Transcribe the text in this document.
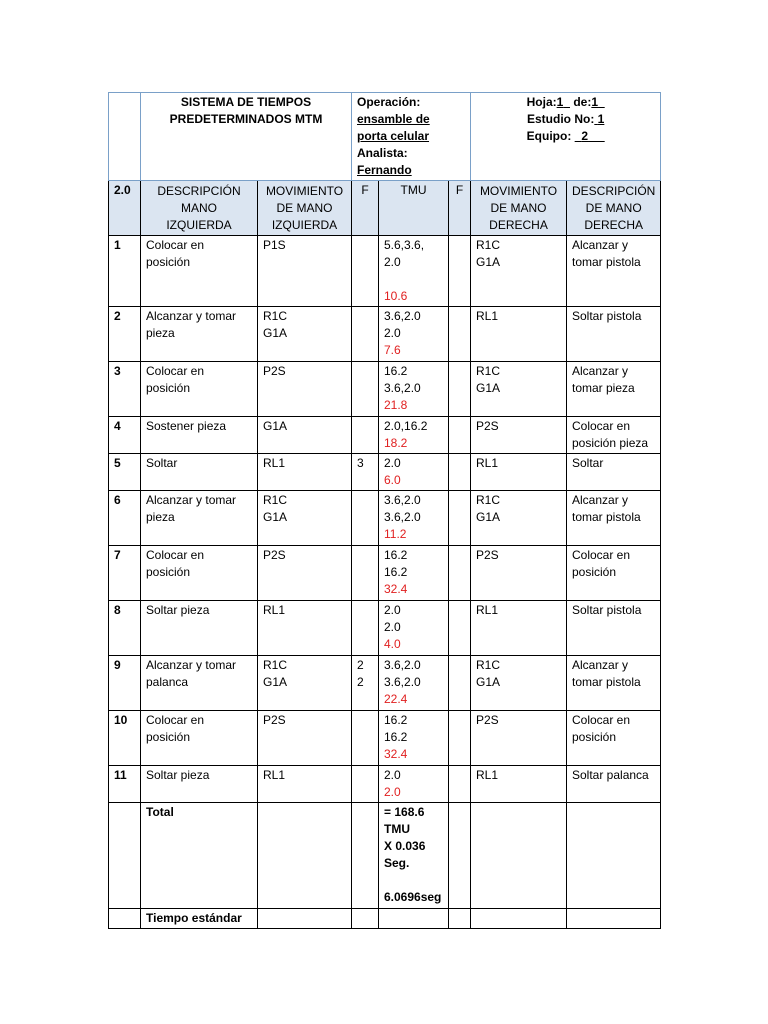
	SISTEMA DE TIEMPOS
PREDETERMINADOS MTM		Operación:
ensamble de
porta celular
Analista:
Fernando			Hoja:1 de:1
Estudio No: 1
Equipo: 2	

2.0	DESCRIPCIÓN
MANO
IZQUIERDA	MOVIMIENTO
DE MANO
IZQUIERDA	F	TMU	F	MOVIMIENTO
DE MANO
DERECHA	DESCRIPCIÓN
DE MANO
DERECHA

1	Colocar en
posición	P1S		5.6,3.6,
2.0

10.6		R1C
G1A	Alcanzar y
tomar pistola

2	Alcanzar y tomar
pieza	R1C
G1A		3.6,2.0
2.0
7.6		RL1	Soltar pistola

3	Colocar en
posición	P2S		16.2
3.6,2.0
21.8		R1C
G1A	Alcanzar y
tomar pieza

4	Sostener pieza	G1A		2.0,16.2
18.2		P2S	Colocar en
posición pieza

5	Soltar	RL1	3	2.0
6.0		RL1	Soltar

6	Alcanzar y tomar
pieza	R1C
G1A		3.6,2.0
3.6,2.0
11.2		R1C
G1A	Alcanzar y
tomar pistola

7	Colocar en
posición	P2S		16.2
16.2
32.4		P2S	Colocar en
posición

8	Soltar pieza	RL1		2.0
2.0
4.0		RL1	Soltar pistola

9	Alcanzar y tomar
palanca	R1C
G1A	2
2	3.6,2.0
3.6,2.0
22.4		R1C
G1A	Alcanzar y
tomar pistola

10	Colocar en
posición	P2S		16.2
16.2
32.4		P2S	Colocar en
posición

11	Soltar pieza	RL1		2.0
2.0		RL1	Soltar palanca

	Total			= 168.6
TMU
X 0.036
Seg.
6.0696seg			

	Tiempo estándar						
